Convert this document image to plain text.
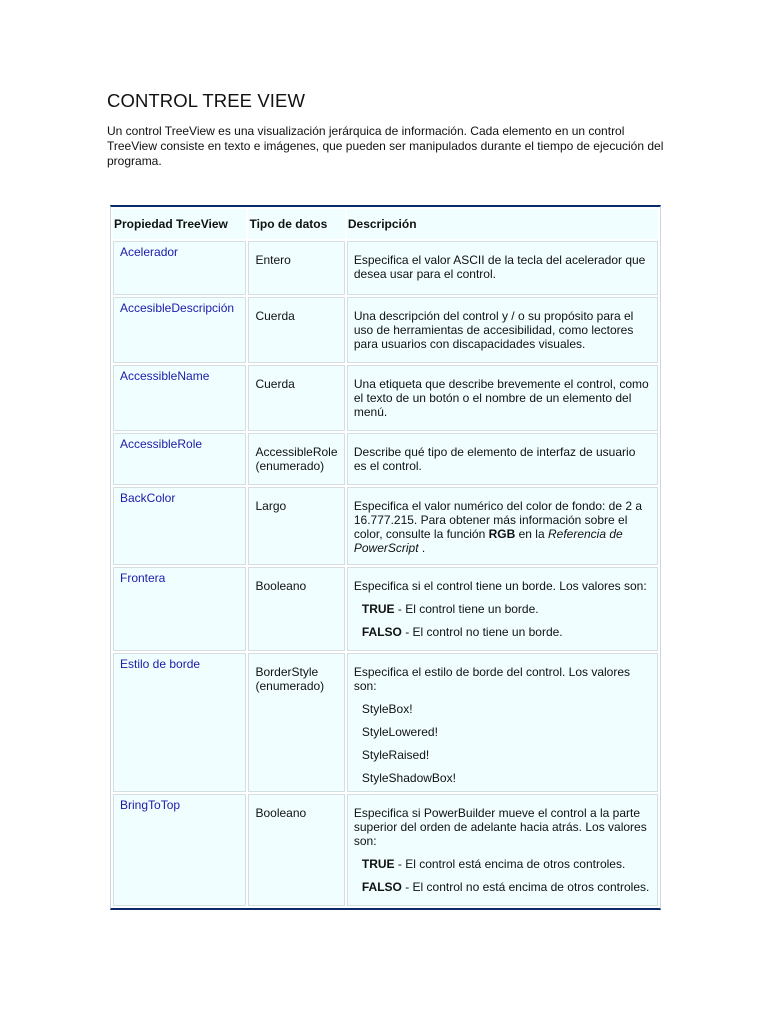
CONTROL TREE VIEW

Un control TreeView es una visualización jerárquica de información. Cada elemento en un control TreeView consiste en texto e imágenes, que pueden ser manipulados durante el tiempo de ejecución del programa.

Propiedad TreeView	Tipo de datos	Descripción
Acelerador	Entero	Especifica el valor ASCII de la tecla del acelerador que desea usar para el control.
AccesibleDescripción	Cuerda	Una descripción del control y / o su propósito para el uso de herramientas de accesibilidad, como lectores para usuarios con discapacidades visuales.
AccessibleName	Cuerda	Una etiqueta que describe brevemente el control, como el texto de un botón o el nombre de un elemento del menú.
AccessibleRole	AccessibleRole (enumerado)	Describe qué tipo de elemento de interfaz de usuario es el control.
BackColor	Largo	Especifica el valor numérico del color de fondo: de 2 a 16.777.215. Para obtener más información sobre el color, consulte la función RGB en la Referencia de PowerScript .
Frontera	Booleano	Especifica si el control tiene un borde. Los valores son:
TRUE - El control tiene un borde.
FALSO - El control no tiene un borde.

Estilo de borde	BorderStyle (enumerado)	Especifica el estilo de borde del control. Los valores son:
StyleBox!
StyleLowered!
StyleRaised!
StyleShadowBox!

BringToTop	Booleano	Especifica si PowerBuilder mueve el control a la parte superior del orden de adelante hacia atrás. Los valores son:
TRUE - El control está encima de otros controles.
FALSO - El control no está encima de otros controles.
